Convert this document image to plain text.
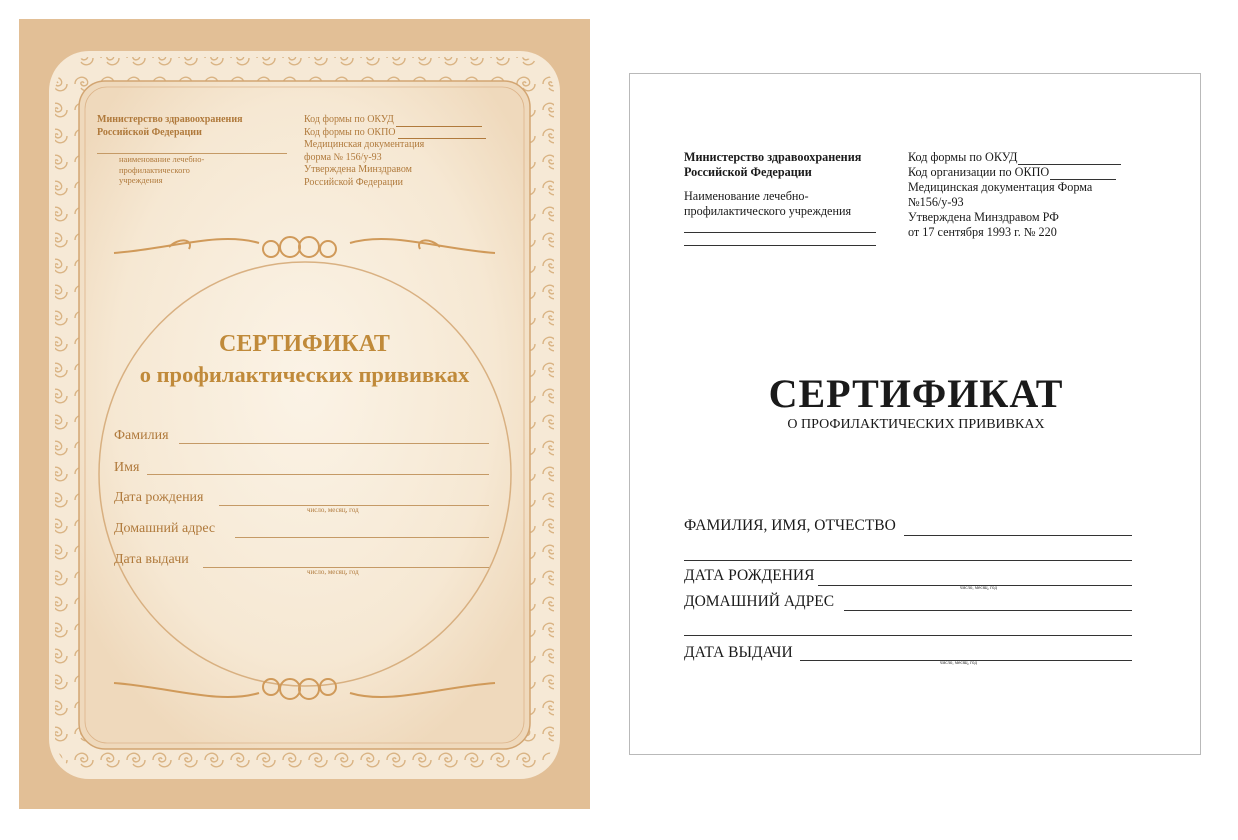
Министерство здравоохранения
Российской Федерации
наименование лечебно-
профилактического
учреждения
Код формы по ОКУД
Код формы по ОКПО
Медицинская документация
форма № 156/у-93
Утверждена Минздравом
Российской Федерации
СЕРТИФИКАТ
о профилактических прививках
Фамилия
Имя
Дата рождения
число, месяц, год
Домашний адрес
Дата выдачи
число, месяц, год
Министерство здравоохранения
Российской Федерации
Наименование лечебно-
профилактического учреждения
Код формы по ОКУД
Код организации по ОКПО
Медицинская документация Форма
№156/у-93
Утверждена Минздравом РФ
от 17 сентября 1993 г. № 220
СЕРТИФИКАТ
О ПРОФИЛАКТИЧЕСКИХ ПРИВИВКАХ
ФАМИЛИЯ, ИМЯ, ОТЧЕСТВО
ДАТА РОЖДЕНИЯ
число, месяц, год
ДОМАШНИЙ АДРЕС
ДАТА ВЫДАЧИ
число, месяц, год
